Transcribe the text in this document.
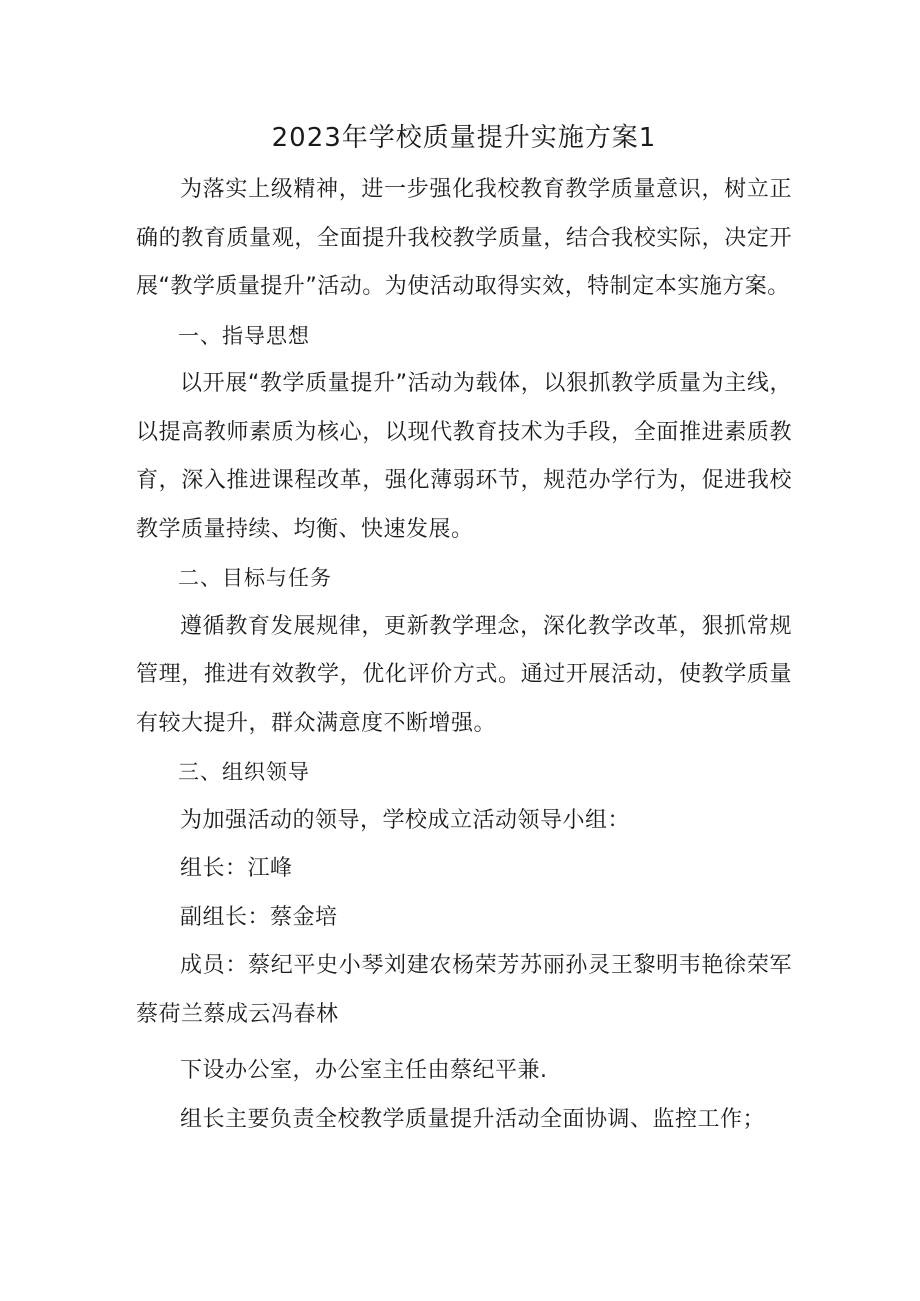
2023年学校质量提升实施方案1

为落实上级精神，进一步强化我校教育教学质量意识，树立正确的教育质量观，全面提升我校教学质量，结合我校实际，决定开展“教学质量提升”活动。为使活动取得实效，特制定本实施方案。

一、指导思想

以开展“教学质量提升”活动为载体，以狠抓教学质量为主线，以提高教师素质为核心，以现代教育技术为手段，全面推进素质教育，深入推进课程改革，强化薄弱环节，规范办学行为，促进我校教学质量持续、均衡、快速发展。

二、目标与任务

遵循教育发展规律，更新教学理念，深化教学改革，狠抓常规管理，推进有效教学，优化评价方式。通过开展活动，使教学质量有较大提升，群众满意度不断增强。

三、组织领导

为加强活动的领导，学校成立活动领导小组：

组长：江峰

副组长：蔡金培

成员：蔡纪平史小琴刘建农杨荣芳苏丽孙灵王黎明韦艳徐荣军蔡荷兰蔡成云冯春林

下设办公室，办公室主任由蔡纪平兼.

组长主要负责全校教学质量提升活动全面协调、监控工作；
